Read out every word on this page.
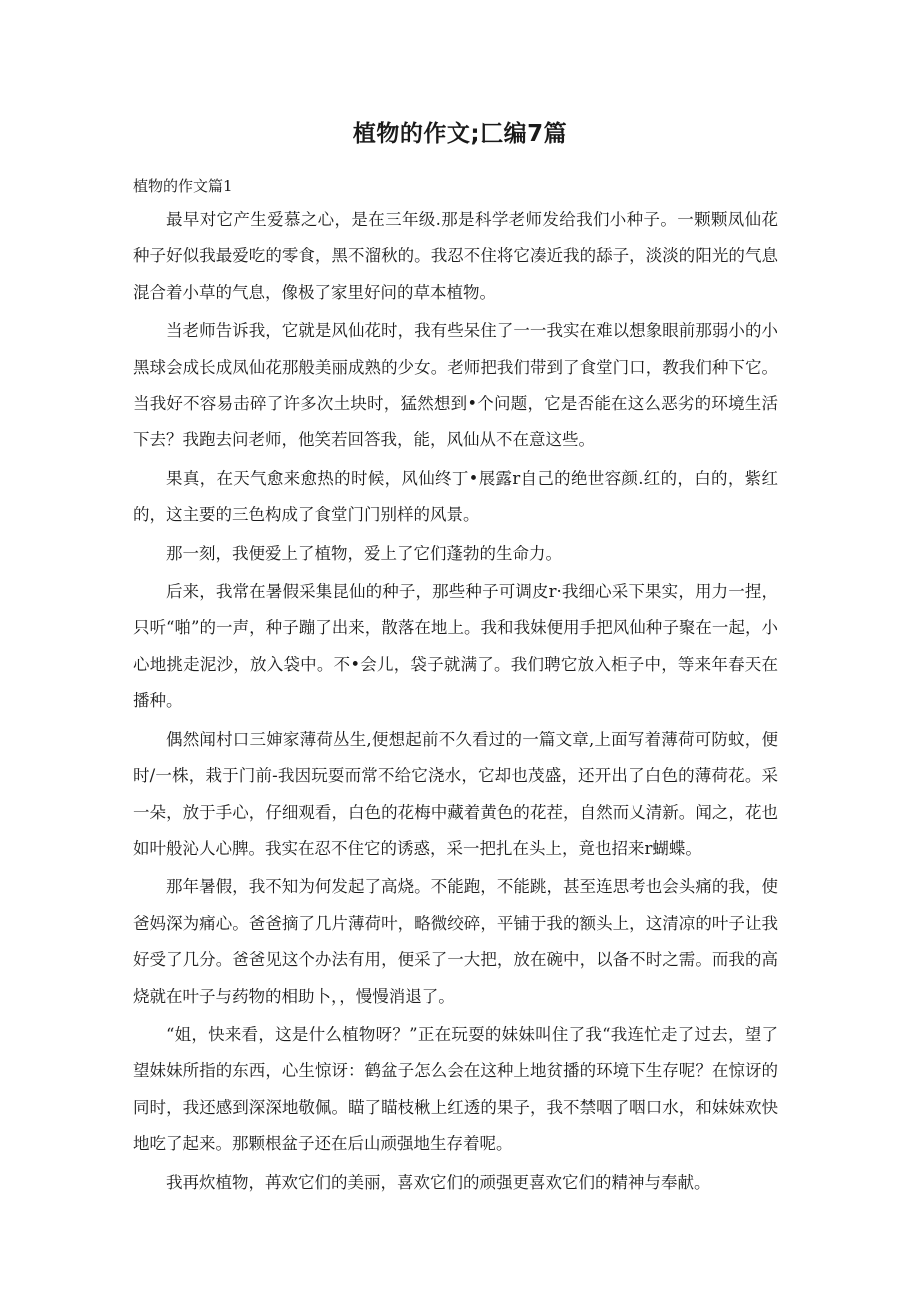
植物的作文;匚编7篇
植物的作文篇1

最早对它产生爱慕之心，是在三年级.那是科学老师发给我们小种子。一颗颗凤仙花种子好似我最爱吃的零食，黑不溜秋的。我忍不住将它凑近我的舔子，淡淡的阳光的气息混合着小草的气息，像极了家里好问的草本植物。

当老师告诉我，它就是风仙花时，我有些呆住了一一我实在难以想象眼前那弱小的小黑球会成长成凤仙花那般美丽成熟的少女。老师把我们带到了食堂门口，教我们种下它。当我好不容易击碎了许多次土块时，猛然想到•个问题，它是否能在这么恶劣的环境生活下去？我跑去问老师，他笑若回答我，能，风仙从不在意这些。

果真，在天气愈来愈热的时候，风仙终丁•展露r自己的绝世容颜.红的，白的，紫红的，这主要的三色构成了食堂门门别样的风景。

那一刻，我便爱上了植物，爱上了它们蓬勃的生命力。

后来，我常在暑假采集昆仙的种子，那些种子可调皮r·我细心采下果实，用力一捏，只听“啪”的一声，种子蹦了出来，散落在地上。我和我妹便用手把风仙种子聚在一起，小心地挑走泥沙，放入袋中。不•会儿，袋子就满了。我们聘它放入柜子中，等来年春天在播种。

偶然闻村口三婶家薄荷丛生,便想起前不久看过的一篇文章,上面写着薄荷可防蚊，便时/一株，栽于门前-我因玩耍而常不给它浇水，它却也茂盛，还开出了白色的薄荷花。采一朵，放于手心，仔细观看，白色的花梅中藏着黄色的花茬，自然而乂清新。闻之，花也如叶般沁人心脾。我实在忍不住它的诱惑，采一把扎在头上，竟也招来r蝴蝶。

那年暑假，我不知为何发起了高烧。不能跑，不能跳，甚至连思考也会头痛的我，使爸妈深为痛心。爸爸摘了几片薄荷叶，略微绞碎，平铺于我的额头上，这清凉的叶子让我好受了几分。爸爸见这个办法有用，便采了一大把，放在碗中，以备不时之需。而我的高烧就在叶子与药物的相助卜，，慢慢消退了。

“姐，快来看，这是什么植物呀？”正在玩耍的妹妹叫住了我“我连忙走了过去，望了望妹妹所指的东西，心生惊讶：鹤盆子怎么会在这种上地贫播的环境下生存呢？在惊讶的同时，我还感到深深地敬佩。瞄了瞄枝楸上红透的果子，我不禁咽了咽口水，和妹妹欢快地吃了起来。那颗根盆子还在后山顽强地生存着呢。

我再炊植物，苒欢它们的美丽，喜欢它们的顽强更喜欢它们的精神与奉献。
